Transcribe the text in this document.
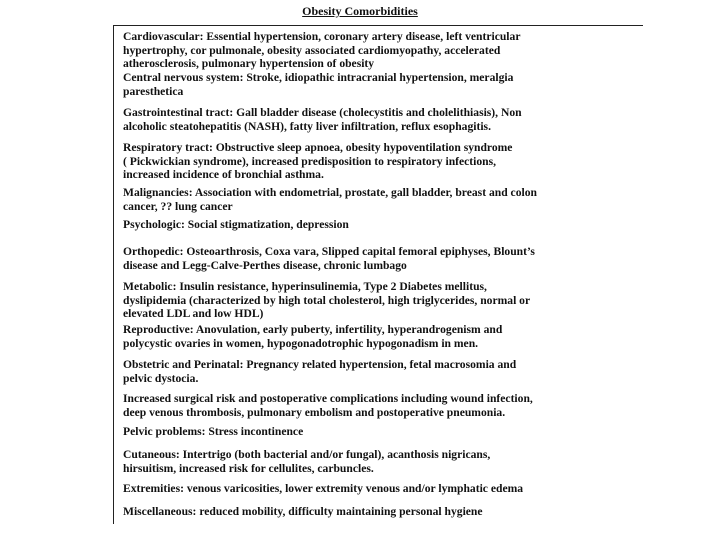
Obesity Comorbidities
Cardiovascular: Essential hypertension, coronary artery disease, left ventricular
hypertrophy, cor pulmonale, obesity associated cardiomyopathy, accelerated
atherosclerosis, pulmonary hypertension of obesity
Central nervous system: Stroke, idiopathic intracranial hypertension, meralgia
paresthetica
Gastrointestinal tract: Gall bladder disease (cholecystitis and cholelithiasis), Non
alcoholic steatohepatitis (NASH), fatty liver infiltration, reflux esophagitis.
Respiratory tract: Obstructive sleep apnoea, obesity hypoventilation syndrome
( Pickwickian syndrome), increased predisposition to respiratory infections,
increased incidence of bronchial asthma.
Malignancies: Association with endometrial, prostate, gall bladder, breast and colon
cancer, ?? lung cancer
Psychologic: Social stigmatization, depression
Orthopedic: Osteoarthrosis, Coxa vara, Slipped capital femoral epiphyses, Blount’s
disease and Legg-Calve-Perthes disease, chronic lumbago
Metabolic: Insulin resistance, hyperinsulinemia, Type 2 Diabetes mellitus,
dyslipidemia (characterized by high total cholesterol, high triglycerides, normal or
elevated LDL and low HDL)
Reproductive: Anovulation, early puberty, infertility, hyperandrogenism and
polycystic ovaries in women, hypogonadotrophic hypogonadism in men.
Obstetric and Perinatal: Pregnancy related hypertension, fetal macrosomia and
pelvic dystocia.
Increased surgical risk and postoperative complications including wound infection,
deep venous thrombosis, pulmonary embolism and postoperative pneumonia.
Pelvic problems: Stress incontinence
Cutaneous: Intertrigo (both bacterial and/or fungal), acanthosis nigricans,
hirsuitism, increased risk for cellulites, carbuncles.
Extremities: venous varicosities, lower extremity venous and/or lymphatic edema
Miscellaneous: reduced mobility, difficulty maintaining personal hygiene
